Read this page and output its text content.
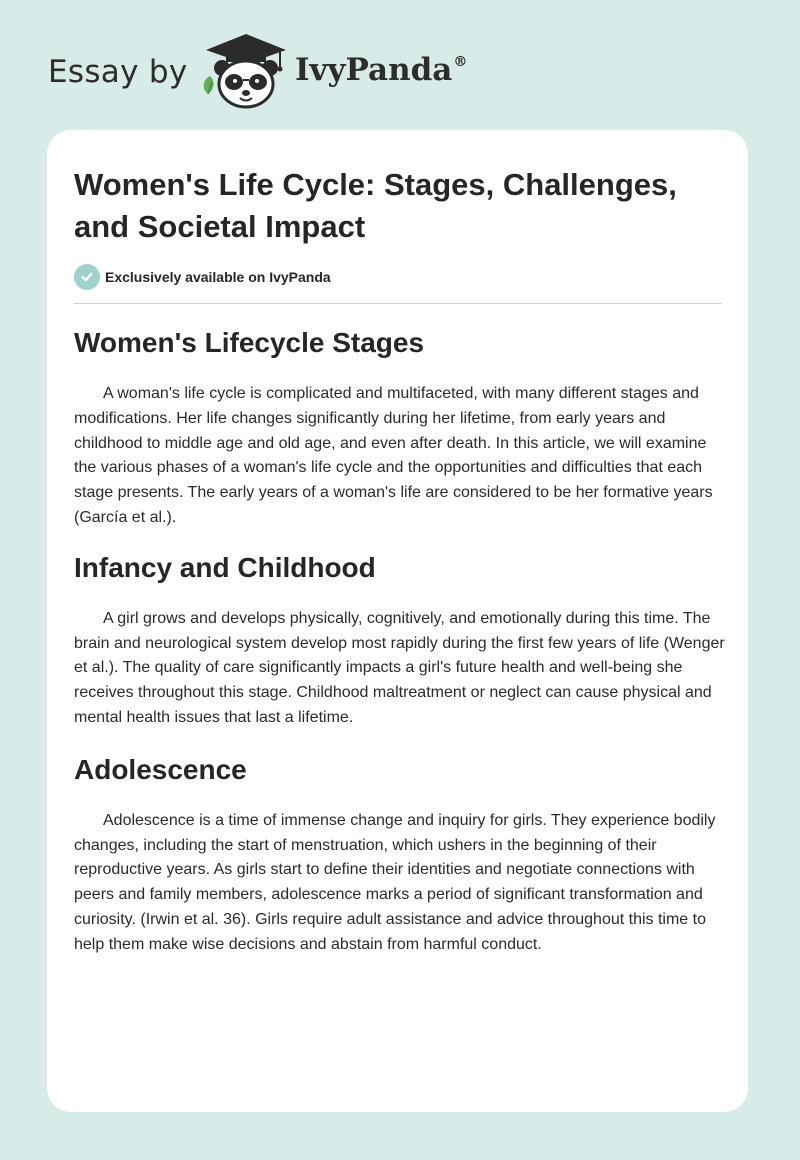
Essay by	IvyPanda®
Women's Life Cycle: Stages, Challenges, and Societal Impact
Exclusively available on IvyPanda
Women's Lifecycle Stages

A woman's life cycle is complicated and multifaceted, with many different stages and modifications. Her life changes significantly during her lifetime, from early years and childhood to middle age and old age, and even after death. In this article, we will examine the various phases of a woman's life cycle and the opportunities and difficulties that each stage presents. The early years of a woman's life are considered to be her formative years (García et al.).

Infancy and Childhood

A girl grows and develops physically, cognitively, and emotionally during this time. The brain and neurological system develop most rapidly during the first few years of life (Wenger et al.). The quality of care significantly impacts a girl's future health and well-being she receives throughout this stage. Childhood maltreatment or neglect can cause physical and mental health issues that last a lifetime.

Adolescence

Adolescence is a time of immense change and inquiry for girls. They experience bodily changes, including the start of menstruation, which ushers in the beginning of their reproductive years. As girls start to define their identities and negotiate connections with peers and family members, adolescence marks a period of significant transformation and curiosity. (Irwin et al. 36). Girls require adult assistance and advice throughout this time to help them make wise decisions and abstain from harmful conduct.
